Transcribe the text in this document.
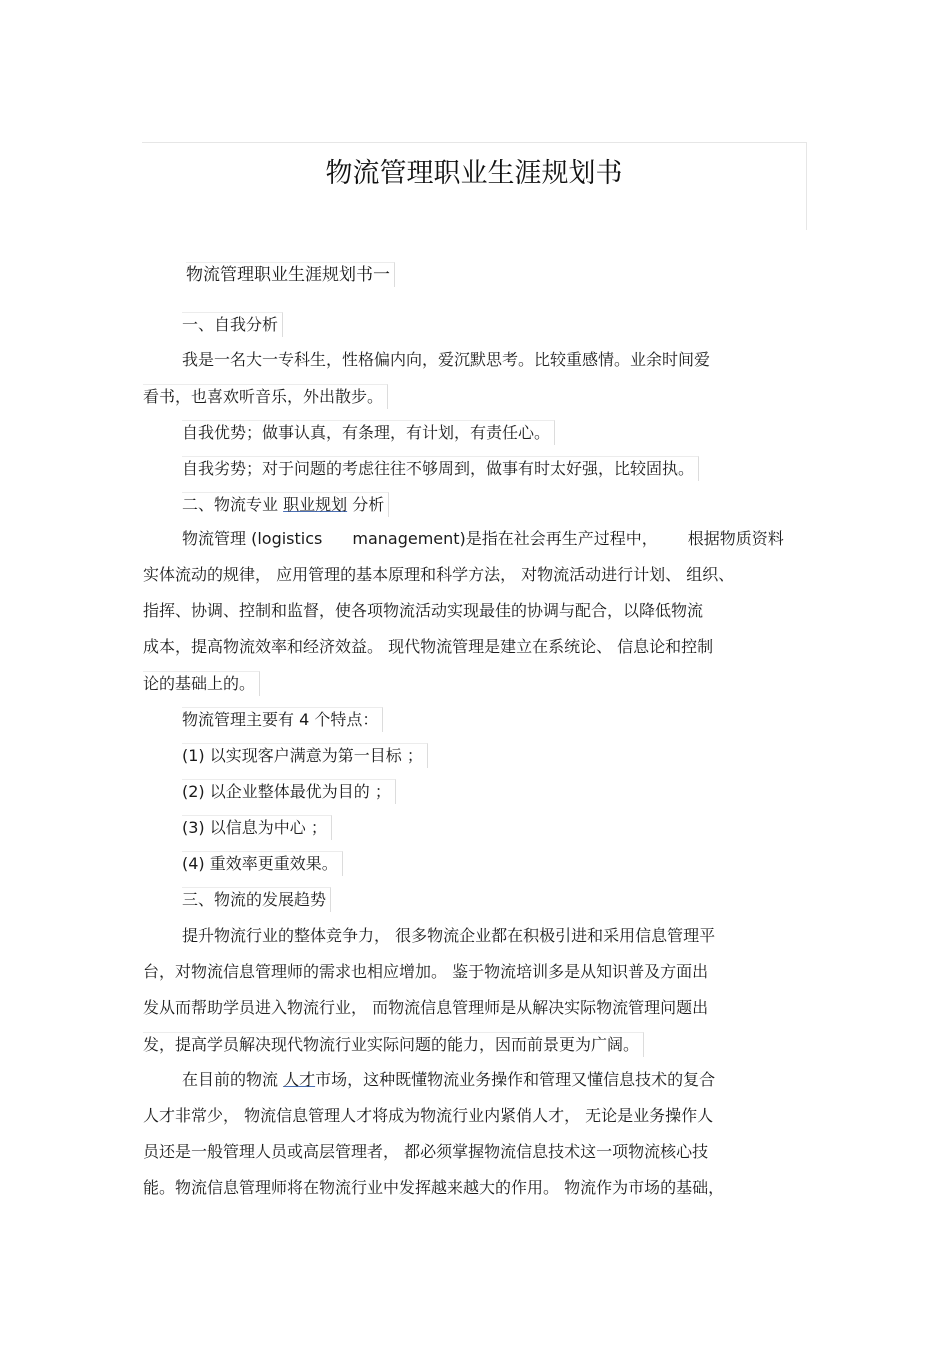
物流管理职业生涯规划书
物流管理职业生涯规划书一
一、自我分析
我是一名大一专科生，性格偏内向，爱沉默思考。比较重感情。业余时间爱
看书，也喜欢听音乐，外出散步。
自我优势；做事认真，有条理，有计划，有责任心。
自我劣势；对于问题的考虑往往不够周到，做事有时太好强，比较固执。
二、物流专业 职业规划 分析
物流管理 (logistics management)是指在社会再生产过程中， 根据物质资料
实体流动的规律， 应用管理的基本原理和科学方法， 对物流活动进行计划、 组织、
指挥、协调、控制和监督，使各项物流活动实现最佳的协调与配合，以降低物流
成本，提高物流效率和经济效益。 现代物流管理是建立在系统论、 信息论和控制
论的基础上的。
物流管理主要有 4 个特点：
(1) 以实现客户满意为第一目标 ；
(2) 以企业整体最优为目的 ；
(3) 以信息为中心 ；
(4) 重效率更重效果。
三、物流的发展趋势
提升物流行业的整体竞争力， 很多物流企业都在积极引进和采用信息管理平
台，对物流信息管理师的需求也相应增加。 鉴于物流培训多是从知识普及方面出
发从而帮助学员进入物流行业， 而物流信息管理师是从解决实际物流管理问题出
发，提高学员解决现代物流行业实际问题的能力，因而前景更为广阔。
在目前的物流 人才市场，这种既懂物流业务操作和管理又懂信息技术的复合
人才非常少， 物流信息管理人才将成为物流行业内紧俏人才， 无论是业务操作人
员还是一般管理人员或高层管理者， 都必须掌握物流信息技术这一项物流核心技
能。物流信息管理师将在物流行业中发挥越来越大的作用。 物流作为市场的基础，
